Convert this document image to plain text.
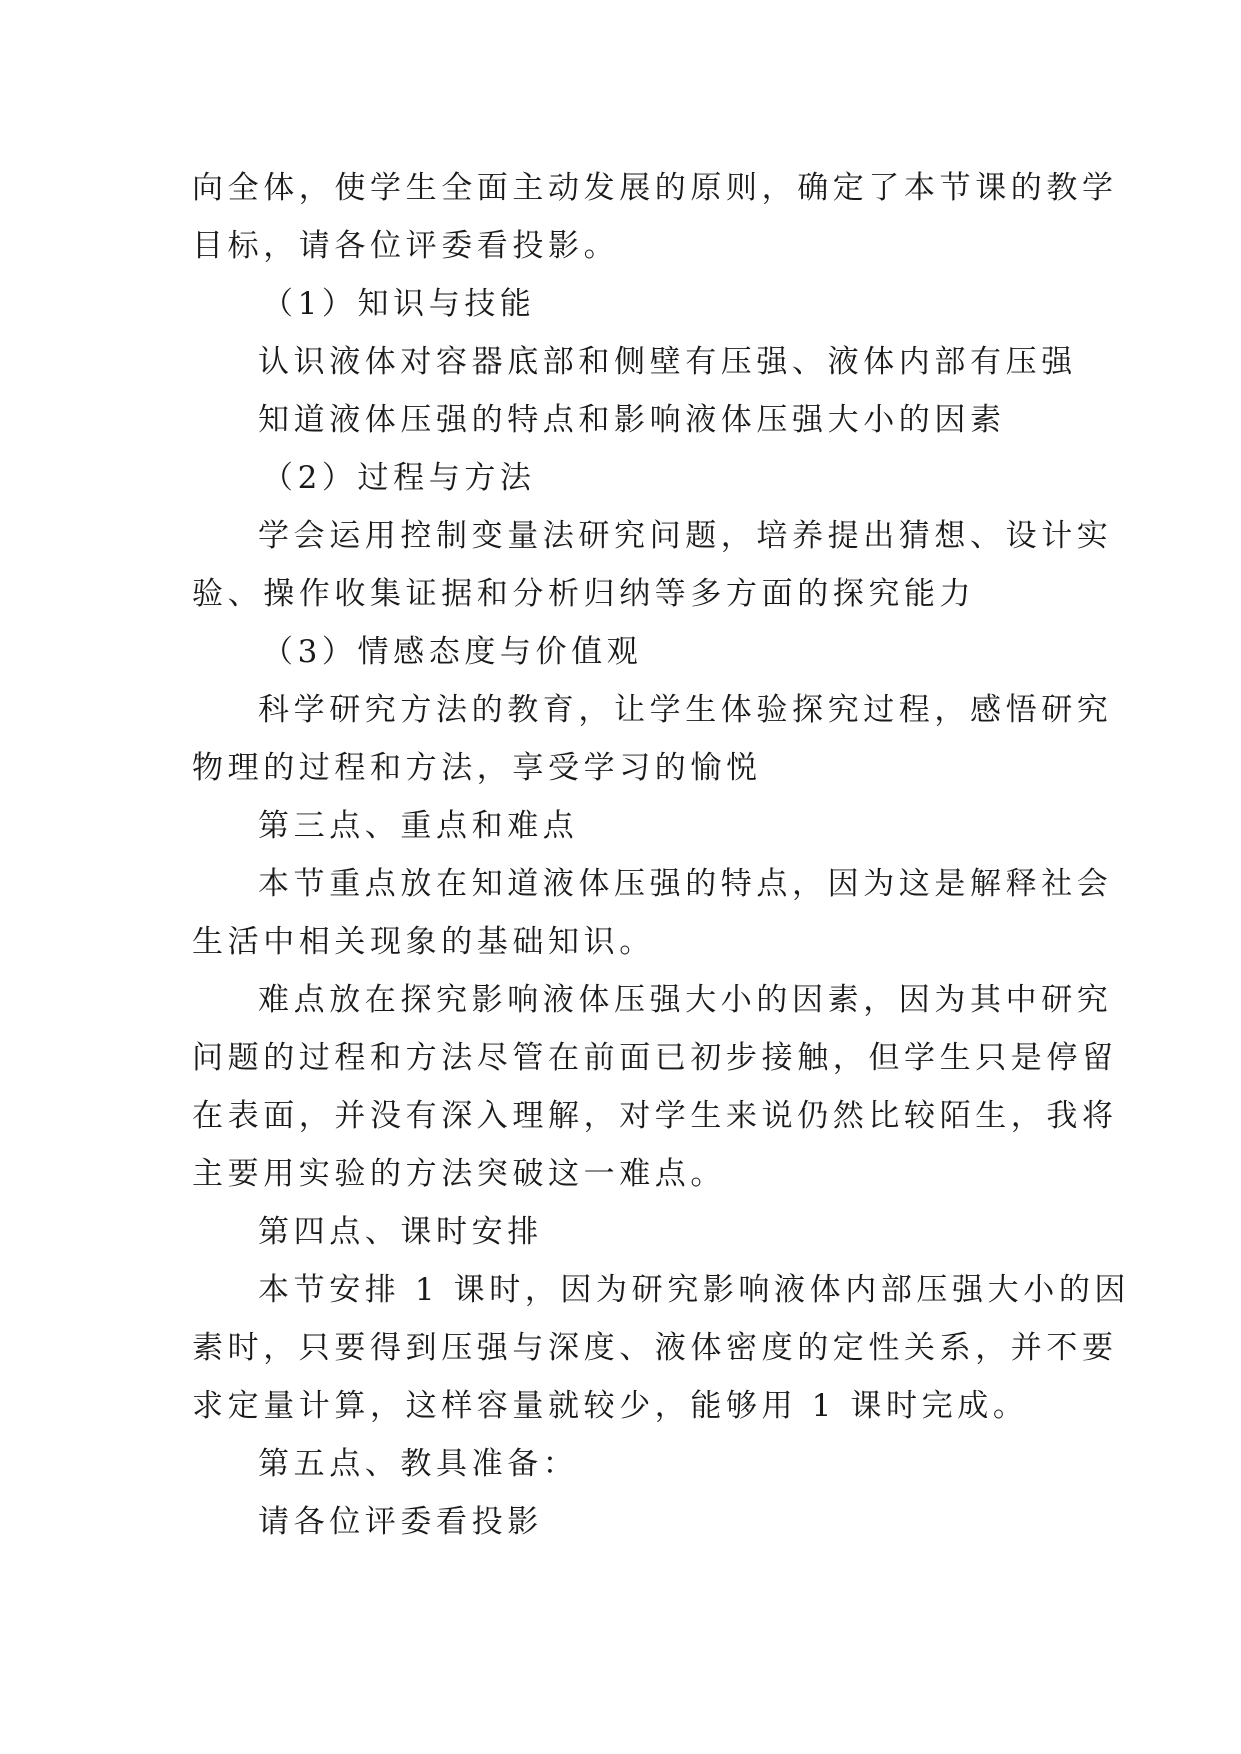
向全体，使学生全面主动发展的原则，确定了本节课的教学
目标，请各位评委看投影。
（1）知识与技能
认识液体对容器底部和侧壁有压强、液体内部有压强
知道液体压强的特点和影响液体压强大小的因素
（2）过程与方法
学会运用控制变量法研究问题，培养提出猜想、设计实
验、操作收集证据和分析归纳等多方面的探究能力
（3）情感态度与价值观
科学研究方法的教育，让学生体验探究过程，感悟研究
物理的过程和方法，享受学习的愉悦
第三点、重点和难点
本节重点放在知道液体压强的特点，因为这是解释社会
生活中相关现象的基础知识。
难点放在探究影响液体压强大小的因素，因为其中研究
问题的过程和方法尽管在前面已初步接触，但学生只是停留
在表面，并没有深入理解，对学生来说仍然比较陌生，我将
主要用实验的方法突破这一难点。
第四点、课时安排
本节安排 1 课时，因为研究影响液体内部压强大小的因
素时，只要得到压强与深度、液体密度的定性关系，并不要
求定量计算，这样容量就较少，能够用 1 课时完成。
第五点、教具准备：
请各位评委看投影
